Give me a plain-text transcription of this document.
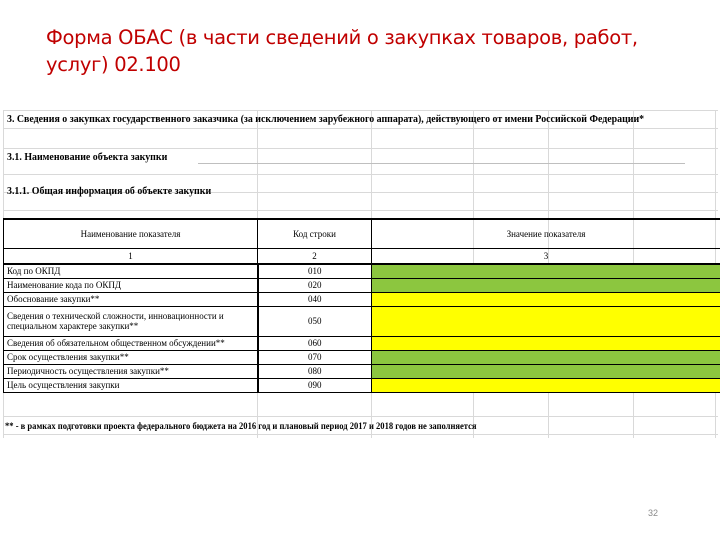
Форма ОБАС (в части сведений о закупках товаров, работ,
услуг) 02.100
3. Сведения о закупках государственного заказчика (за исключением зарубежного аппарата), действующего от имени Российской Федерации*
3.1. Наименование объекта закупки
3.1.1. Общая информация об объекте закупки
Наименование показателя	Код строки	Значение показателя
1	2	3
Код по ОКПД	010	
Наименование кода по ОКПД	020	
Обоснование закупки**	040	
Сведения о технической сложности, инновационности и специальном характере закупки**	050	
Сведения об обязательном общественном обсуждении**	060	
Срок осуществления закупки**	070	
Периодичность осуществления закупки**	080	
Цель осуществления закупки	090	
** - в рамках подготовки проекта федерального бюджета на 2016 год и плановый период 2017 и 2018 годов не заполняется
32
